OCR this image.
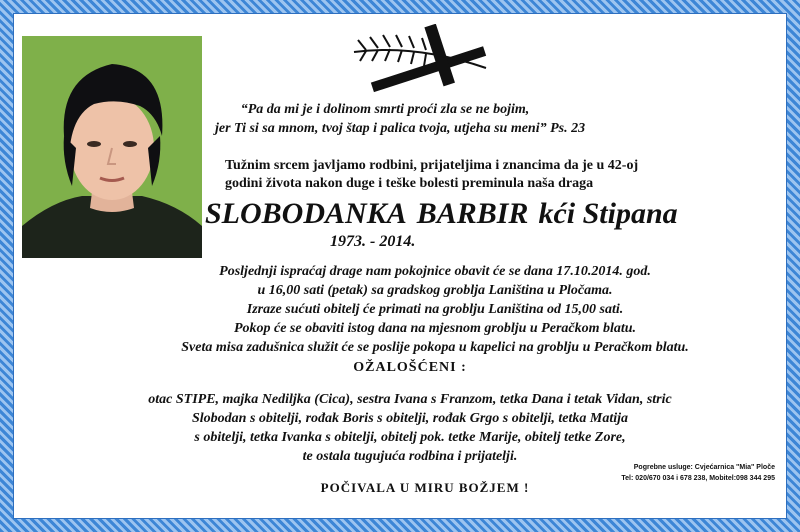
“Pa da mi je i dolinom smrti proći zla se ne bojim,
jer Ti si sa mnom, tvoj štap i palica tvoja, utjeha su meni” Ps. 23
Tužnim srcem javljamo rodbini, prijateljima i znancima da je u 42-oj
godini života nakon duge i teške bolesti preminula naša draga
SLOBODANKA BARBIR kći Stipana
1973. - 2014.
Posljednji ispraćaj drage nam pokojnice obavit će se dana 17.10.2014. god.
u 16,00 sati (petak) sa gradskog groblja Laniština u Pločama.
Izraze sućuti obitelj će primati na groblju Laniština od 15,00 sati.
Pokop će se obaviti istog dana na mjesnom groblju u Peračkom blatu.
Sveta misa zadušnica služit će se poslije pokopa u kapelici na groblju u Peračkom blatu.
OŽALOŠĆENI :
otac STIPE, majka Nediljka (Cica), sestra Ivana s Franzom, tetka Dana i tetak Vidan, stric
Slobodan s obitelji, rođak Boris s obitelji, rođak Grgo s obitelji, tetka Matija
s obitelji, tetka Ivanka s obitelji, obitelj pok. tetke Marije, obitelj tetke Zore,
te ostala tugujuća rodbina i prijatelji.
Pogrebne usluge: Cvjećarnica "Mia" Ploče
Tel: 020/670 034 i 678 238, Mobitel:098 344 295
POČIVALA U MIRU BOŽJEM !
